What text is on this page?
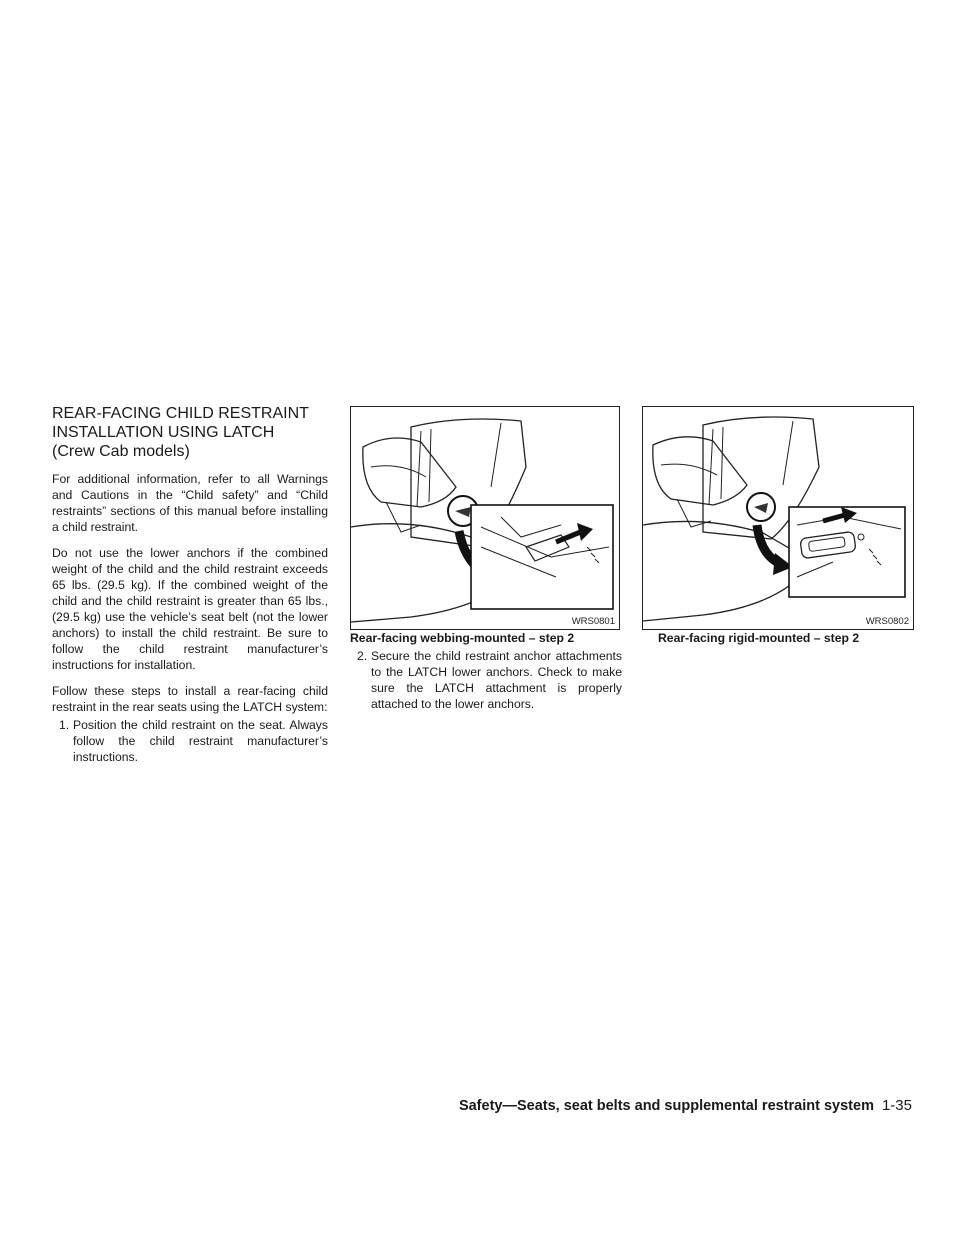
REAR-FACING CHILD RESTRAINT
INSTALLATION USING LATCH
(Crew Cab models)

For additional information, refer to all Warnings and Cautions in the “Child safety” and “Child restraints” sections of this manual before installing a child restraint.

Do not use the lower anchors if the combined weight of the child and the child restraint exceeds 65 lbs. (29.5 kg). If the combined weight of the child and the child restraint is greater than 65 lbs., (29.5 kg) use the vehicle’s seat belt (not the lower anchors) to install the child restraint. Be sure to follow the child restraint manufacturer’s instructions for installation.

Follow these steps to install a rear-facing child restraint in the rear seats using the LATCH system:

1. Position the child restraint on the seat. Always follow the child restraint manufacturer’s instructions.
WRS0801
Rear-facing webbing-mounted – step 2
2. Secure the child restraint anchor attachments to the LATCH lower anchors. Check to make sure the LATCH attachment is properly attached to the lower anchors.
WRS0802
Rear-facing rigid-mounted – step 2
Safety—Seats, seat belts and supplemental restraint system 1-35
